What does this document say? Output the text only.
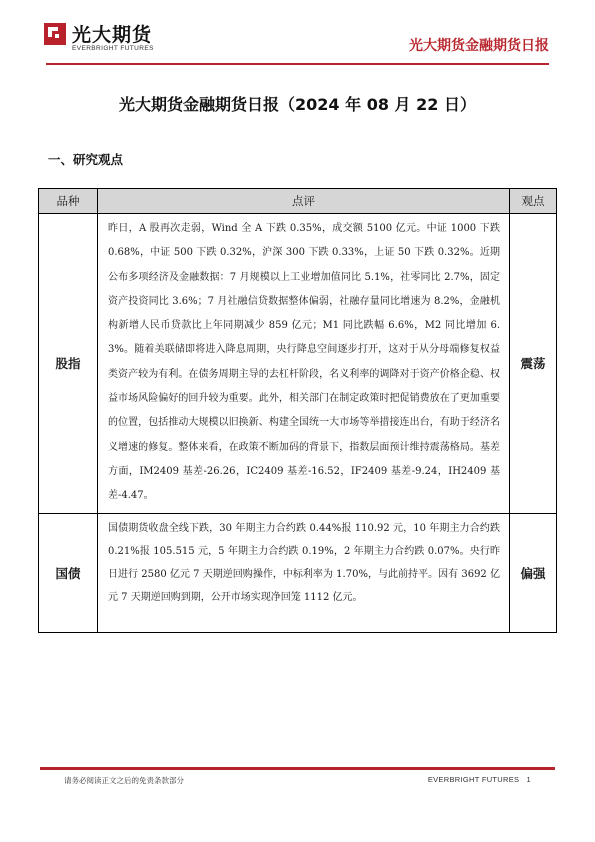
光大期货
EVERBRIGHT FUTURES	光大期货金融期货日报
光大期货金融期货日报（2024 年 08 月 22 日）
一、研究观点
品种	点评	观点
股指	昨日，A 股再次走弱，Wind 全 A 下跌 0.35%，成交额 5100 亿元。中证 1000 下跌 0.68%，中证 500 下跌 0.32%，沪深 300 下跌 0.33%，上证 50 下跌 0.32%。近期公布多项经济及金融数据：7 月规模以上工业增加值同比 5.1%，社零同比 2.7%，固定资产投资同比 3.6%；7 月社融信贷数据整体偏弱，社融存量同比增速为 8.2%，金融机构新增人民币贷款比上年同期减少 859 亿元；M1 同比跌幅 6.6%，M2 同比增加 6.3%。随着美联储即将进入降息周期，央行降息空间逐步打开，这对于从分母端修复权益类资产较为有利。在债务周期主导的去杠杆阶段，名义利率的调降对于资产价格企稳、权益市场风险偏好的回升较为重要。此外，相关部门在制定政策时把促销费放在了更加重要的位置，包括推动大规模以旧换新、构建全国统一大市场等举措接连出台，有助于经济名义增速的修复。整体来看，在政策不断加码的背景下，指数层面预计维持震荡格局。基差方面，IM2409 基差-26.26，IC2409 基差-16.52，IF2409 基差-9.24，IH2409 基差-4.47。	震荡
国债	国债期货收盘全线下跌，30 年期主力合约跌 0.44%报 110.92 元，10 年期主力合约跌 0.21%报 105.515 元，5 年期主力合约跌 0.19%，2 年期主力合约跌 0.07%。央行昨日进行 2580 亿元 7 天期逆回购操作，中标利率为 1.70%，与此前持平。因有 3692 亿元 7 天期逆回购到期，公开市场实现净回笼 1112 亿元。	偏强
请务必阅读正文之后的免责条款部分	EVERBRIGHT FUTURES 1
